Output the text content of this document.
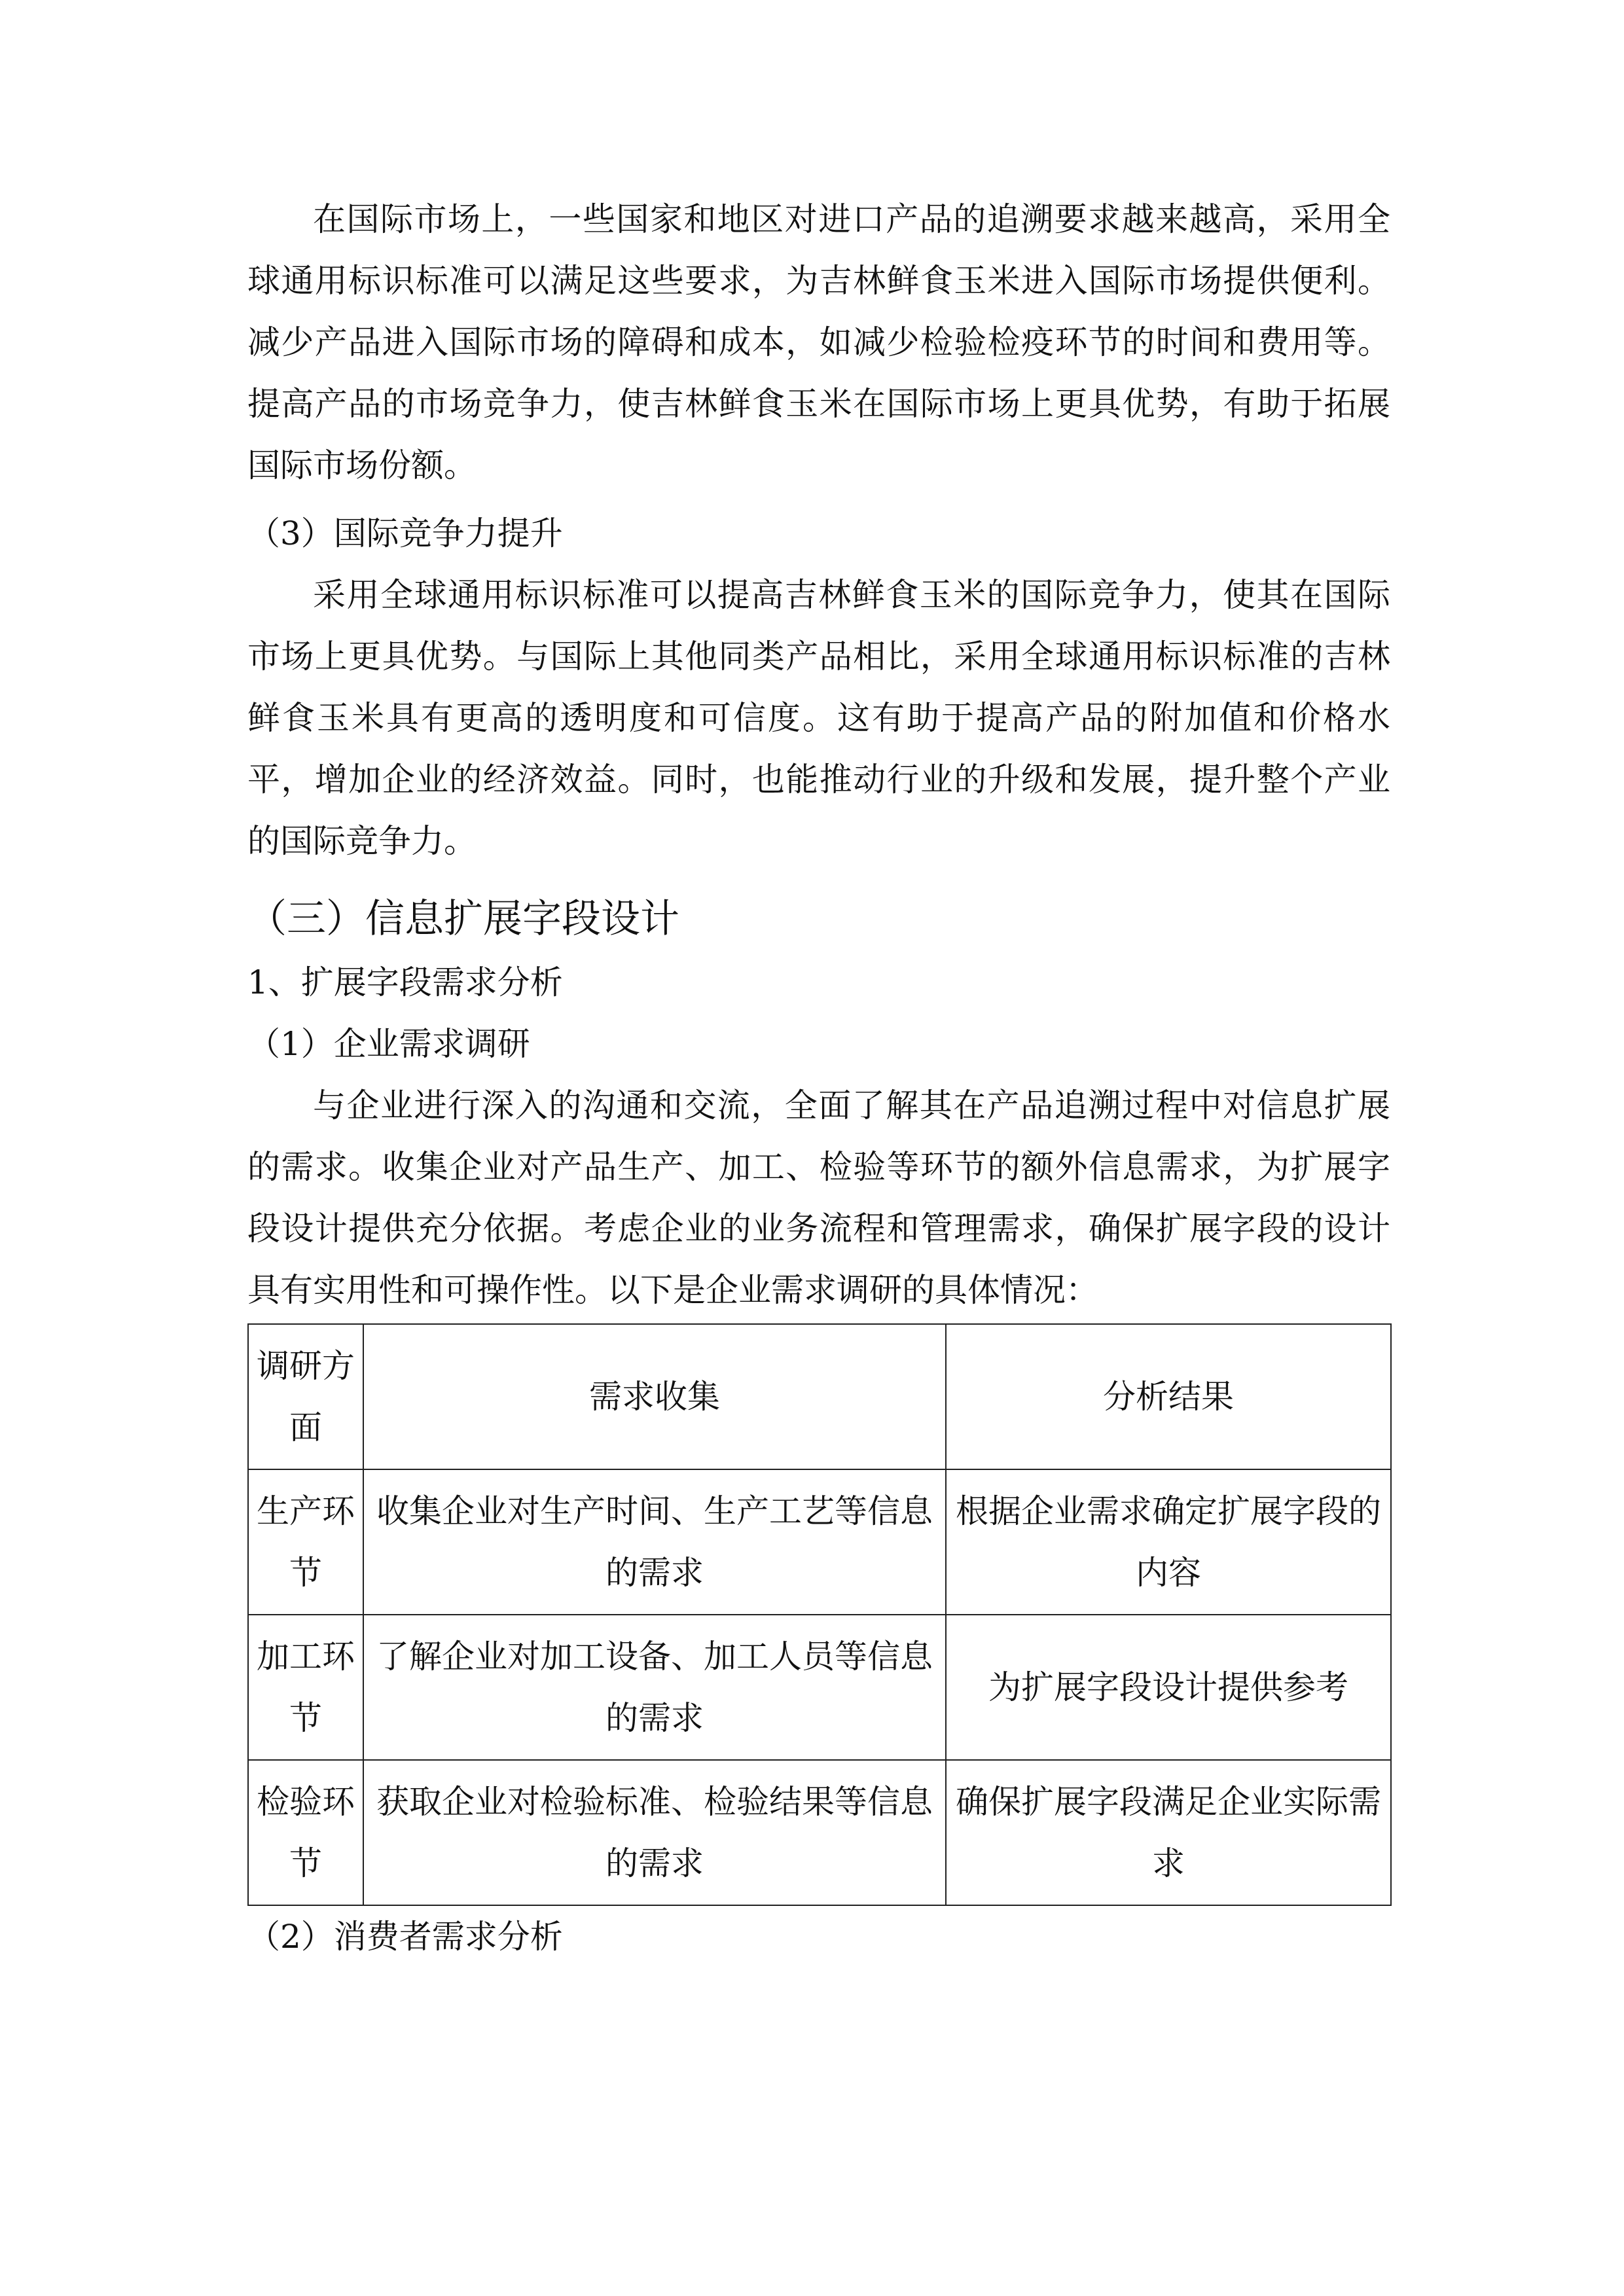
在国际市场上，一些国家和地区对进口产品的追溯要求越来越高，采用全球通用标识标准可以满足这些要求，为吉林鲜食玉米进入国际市场提供便利。减少产品进入国际市场的障碍和成本，如减少检验检疫环节的时间和费用等。提高产品的市场竞争力，使吉林鲜食玉米在国际市场上更具优势，有助于拓展国际市场份额。

（3）国际竞争力提升

采用全球通用标识标准可以提高吉林鲜食玉米的国际竞争力，使其在国际市场上更具优势。与国际上其他同类产品相比，采用全球通用标识标准的吉林鲜食玉米具有更高的透明度和可信度。这有助于提高产品的附加值和价格水平，增加企业的经济效益。同时，也能推动行业的升级和发展，提升整个产业的国际竞争力。

（三）信息扩展字段设计

1、扩展字段需求分析

（1）企业需求调研

与企业进行深入的沟通和交流，全面了解其在产品追溯过程中对信息扩展的需求。收集企业对产品生产、加工、检验等环节的额外信息需求，为扩展字段设计提供充分依据。考虑企业的业务流程和管理需求，确保扩展字段的设计具有实用性和可操作性。以下是企业需求调研的具体情况：

调研方面	需求收集	分析结果
生产环节	收集企业对生产时间、生产工艺等信息的需求	根据企业需求确定扩展字段的内容
加工环节	了解企业对加工设备、加工人员等信息的需求	为扩展字段设计提供参考
检验环节	获取企业对检验标准、检验结果等信息的需求	确保扩展字段满足企业实际需求

（2）消费者需求分析
